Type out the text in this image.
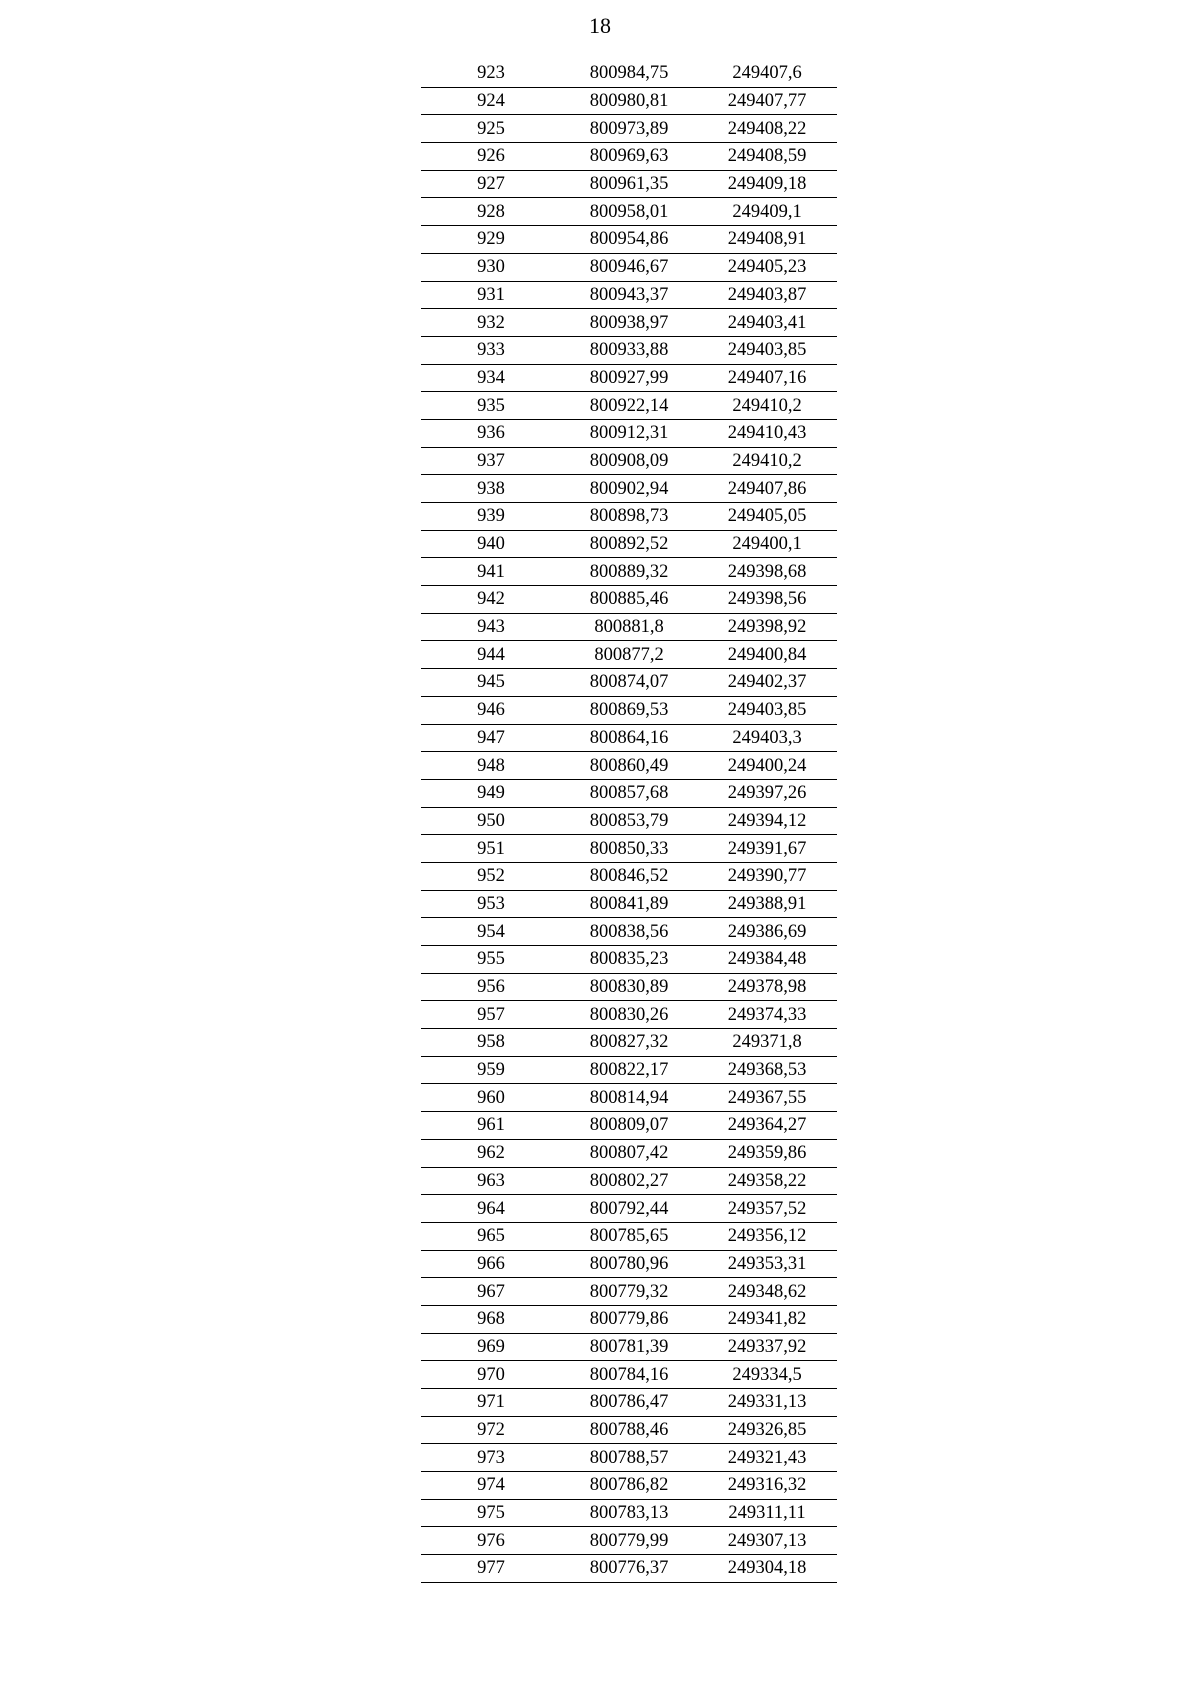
18
923	800984,75	249407,6
924	800980,81	249407,77
925	800973,89	249408,22
926	800969,63	249408,59
927	800961,35	249409,18
928	800958,01	249409,1
929	800954,86	249408,91
930	800946,67	249405,23
931	800943,37	249403,87
932	800938,97	249403,41
933	800933,88	249403,85
934	800927,99	249407,16
935	800922,14	249410,2
936	800912,31	249410,43
937	800908,09	249410,2
938	800902,94	249407,86
939	800898,73	249405,05
940	800892,52	249400,1
941	800889,32	249398,68
942	800885,46	249398,56
943	800881,8	249398,92
944	800877,2	249400,84
945	800874,07	249402,37
946	800869,53	249403,85
947	800864,16	249403,3
948	800860,49	249400,24
949	800857,68	249397,26
950	800853,79	249394,12
951	800850,33	249391,67
952	800846,52	249390,77
953	800841,89	249388,91
954	800838,56	249386,69
955	800835,23	249384,48
956	800830,89	249378,98
957	800830,26	249374,33
958	800827,32	249371,8
959	800822,17	249368,53
960	800814,94	249367,55
961	800809,07	249364,27
962	800807,42	249359,86
963	800802,27	249358,22
964	800792,44	249357,52
965	800785,65	249356,12
966	800780,96	249353,31
967	800779,32	249348,62
968	800779,86	249341,82
969	800781,39	249337,92
970	800784,16	249334,5
971	800786,47	249331,13
972	800788,46	249326,85
973	800788,57	249321,43
974	800786,82	249316,32
975	800783,13	249311,11
976	800779,99	249307,13
977	800776,37	249304,18
